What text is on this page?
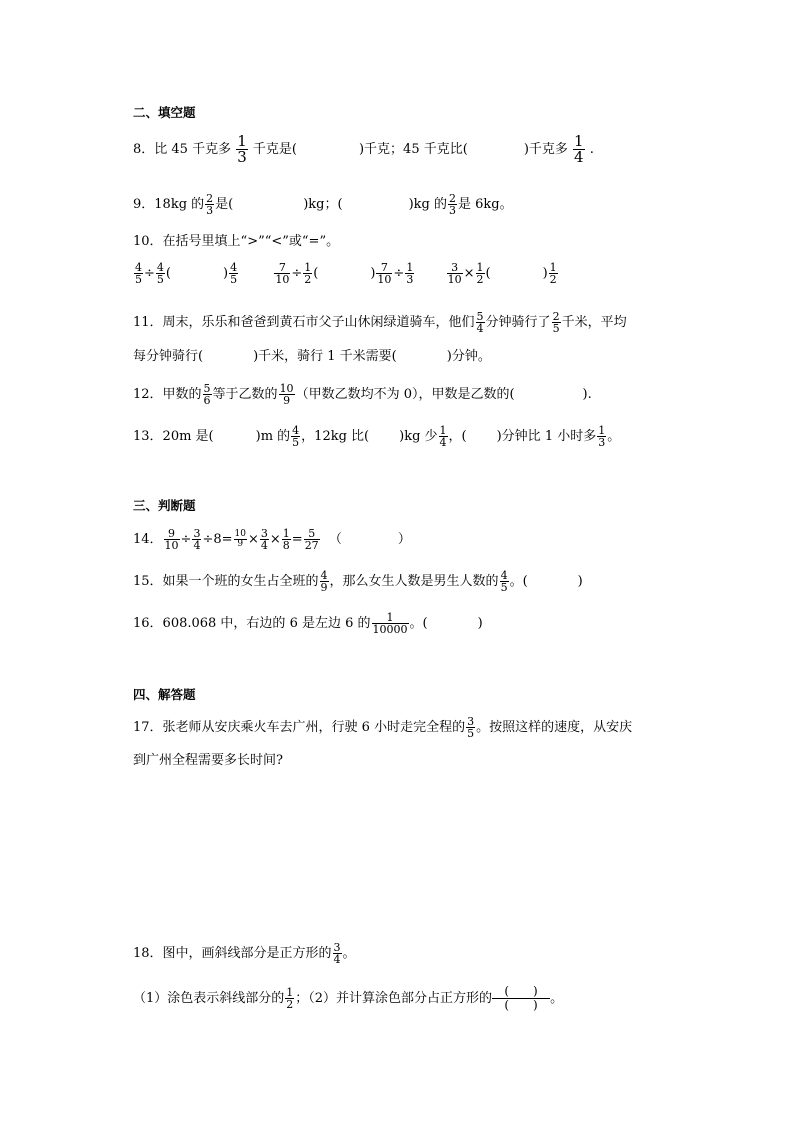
二、填空题
8．比 45 千克多 $\frac{1}{3}$ 千克是(	)千克；45 千克比(	)千克多 $\frac{1}{4}$ .
9．18kg 的 $\frac{2}{3}$ 是(	)kg；(	)kg 的 $\frac{2}{3}$ 是 6kg。
10．在括号里填上“>”“<”或“=”。
$\frac{4}{5} \div \frac{4}{5}$ (	) $\frac{4}{5}$
	$\frac{7}{10} \div \frac{1}{2}$ (	) $\frac{7}{10} \div \frac{1}{3}$
	$\frac{3}{10} \times \frac{1}{2}$ (	) $\frac{1}{2}$
11．周末，乐乐和爸爸到黄石市父子山休闲绿道骑车，他们 $\frac{5}{4}$ 分钟骑行了 $\frac{2}{5}$ 千米，平均
每分钟骑行(	)千米，骑行 1 千米需要(	)分钟。
12．甲数的 $\frac{5}{6}$ 等于乙数的 $\frac{10}{9}$ （甲数乙数均不为 0），甲数是乙数的(	).
13．20m 是(	)m 的 $\frac{4}{5}$ ，12kg 比( )kg 少 $\frac{1}{4}$ ，( )分钟比 1 小时多 $\frac{1}{3}$ 。
三、判断题
14． $\frac{9}{10} \div \frac{3}{4} \div 8= \frac{10}{9} \times \frac{3}{4} \times \frac{1}{8} = \frac{5}{27}$ （	）
15．如果一个班的女生占全班的 $\frac{4}{9}$ ，那么女生人数是男生人数的 $\frac{4}{5}$ 。(	)
16．608.068 中，右边的 6 是左边 6 的 $\frac{1}{10000}$ 。(	)
四、解答题
17．张老师从安庆乘火车去广州，行驶 6 小时走完全程的 $\frac{3}{5}$ 。按照这样的速度，从安庆
到广州全程需要多长时间?
18．图中，画斜线部分是正方形的 $\frac{3}{4}$ 。
（1）涂色表示斜线部分的 $\frac{1}{2}$ ；（2）并计算涂色部分占正方形的
(　　)
(　　) 。
